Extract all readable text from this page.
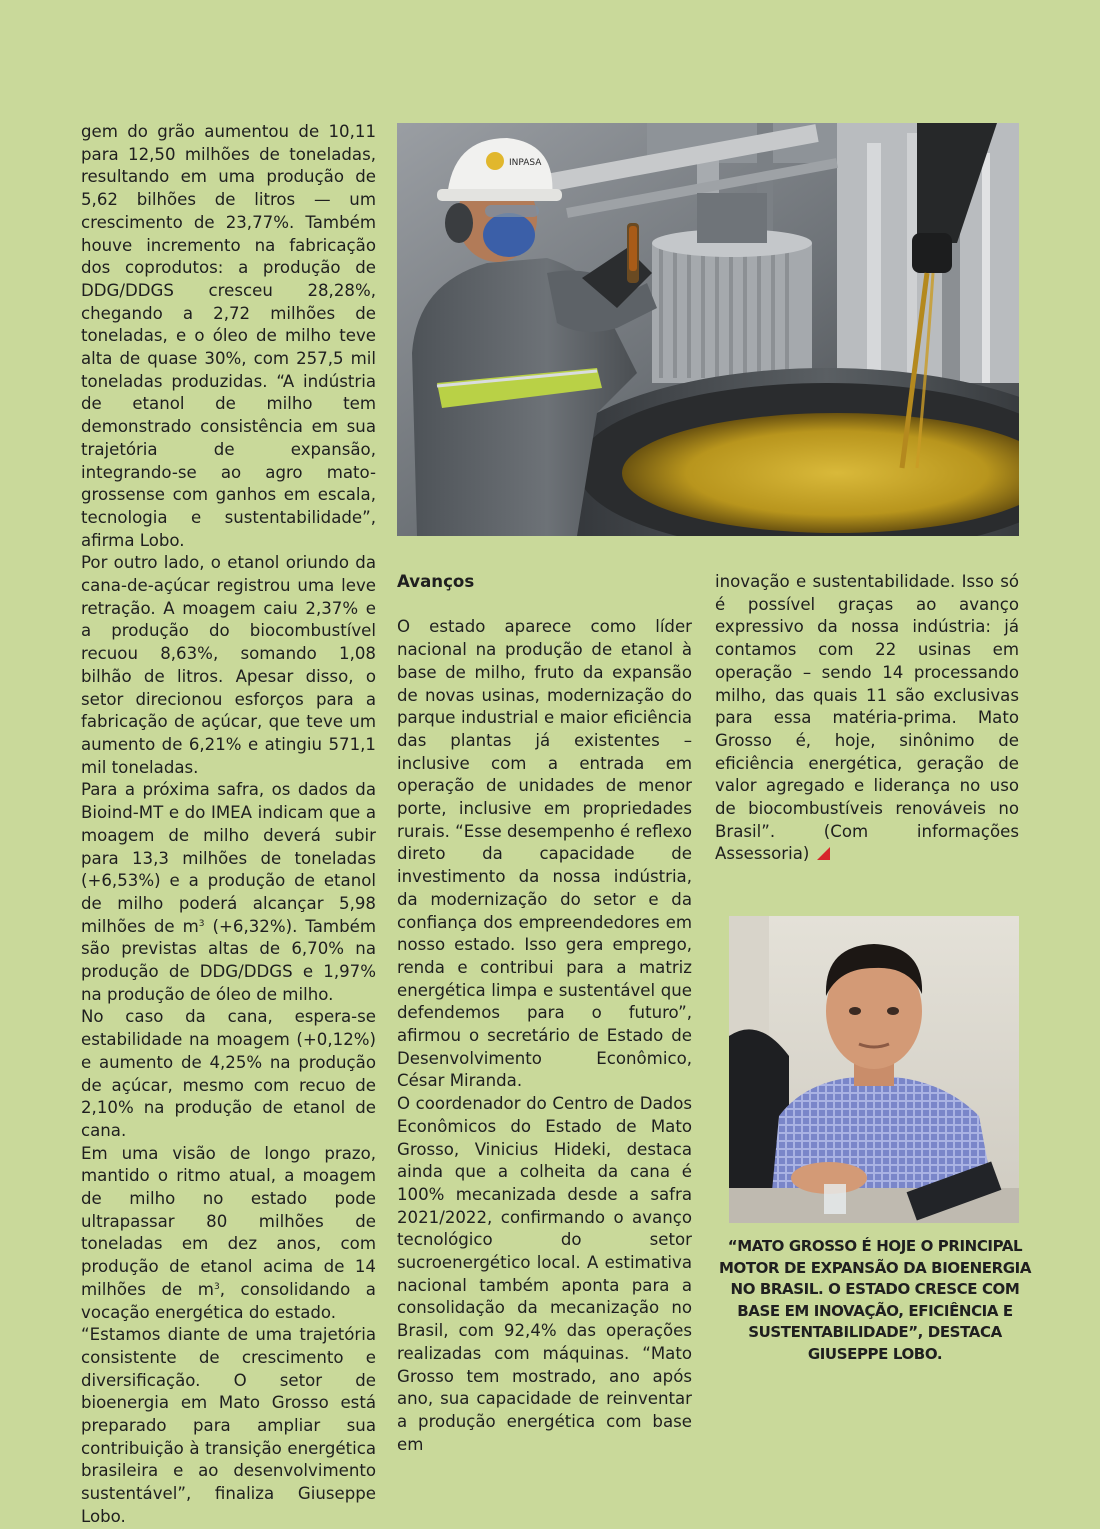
gem do grão aumentou de 10,11 para 12,50 milhões de toneladas, resultando em uma produção de 5,62 bilhões de litros — um crescimento de 23,77%. Também houve incremento na fabricação dos coprodutos: a produção de DDG/DDGS cresceu 28,28%, chegando a 2,72 milhões de toneladas, e o óleo de milho teve alta de quase 30%, com 257,5 mil toneladas produzidas. “A indústria de etanol de milho tem demonstrado consistência em sua trajetória de expansão, integrando-se ao agro mato-grossense com ganhos em escala, tecnologia e sustentabilidade”, afirma Lobo.

Por outro lado, o etanol oriundo da cana-de-açúcar registrou uma leve retração. A moagem caiu 2,37% e a produção do biocombustível recuou 8,63%, somando 1,08 bilhão de litros. Apesar disso, o setor direcionou esforços para a fabricação de açúcar, que teve um aumento de 6,21% e atingiu 571,1 mil toneladas.

Para a próxima safra, os dados da Bioind-MT e do IMEA indicam que a moagem de milho deverá subir para 13,3 milhões de toneladas (+6,53%) e a produção de etanol de milho poderá alcançar 5,98 milhões de $m^3$ (+6,32%). Também são previstas altas de 6,70% na produção de DDG/DDGS e 1,97% na produção de óleo de milho.

No caso da cana, espera-se estabilidade na moagem (+0,12%) e aumento de 4,25% na produção de açúcar, mesmo com recuo de 2,10% na produção de etanol de cana.

Em uma visão de longo prazo, mantido o ritmo atual, a moagem de milho no estado pode ultrapassar 80 milhões de toneladas em dez anos, com produção de etanol acima de 14 milhões de $m^3$, consolidando a vocação energética do estado.

“Estamos diante de uma trajetória consistente de crescimento e diversificação. O setor de bioenergia em Mato Grosso está preparado para ampliar sua contribuição à transição energética brasileira e ao desenvolvimento sustentável”, finaliza Giuseppe Lobo.

INPASA

Avanços

O estado aparece como líder nacional na produção de etanol à base de milho, fruto da expansão de novas usinas, modernização do parque industrial e maior eficiência das plantas já existentes – inclusive com a entrada em operação de unidades de menor porte, inclusive em propriedades rurais. “Esse desempenho é reflexo direto da capacidade de investimento da nossa indústria, da modernização do setor e da confiança dos empreendedores em nosso estado. Isso gera emprego, renda e contribui para a matriz energética limpa e sustentável que defendemos para o futuro”, afirmou o secretário de Estado de Desenvolvimento Econômico, César Miranda.

O coordenador do Centro de Dados Econômicos do Estado de Mato Grosso, Vinicius Hideki, destaca ainda que a colheita da cana é 100% mecanizada desde a safra 2021/2022, confirmando o avanço tecnológico do setor sucroenergético local. A estimativa nacional também aponta para a consolidação da mecanização no Brasil, com 92,4% das operações realizadas com máquinas. “Mato Grosso tem mostrado, ano após ano, sua capacidade de reinventar a produção energética com base em

inovação e sustentabilidade. Isso só é possível graças ao avanço expressivo da nossa indústria: já contamos com 22 usinas em operação – sendo 14 processando milho, das quais 11 são exclusivas para essa matéria-prima. Mato Grosso é, hoje, sinônimo de eficiência energética, geração de valor agregado e liderança no uso de biocombustíveis renováveis no Brasil”. (Com informações Assessoria)

“MATO GROSSO É HOJE O PRINCIPAL MOTOR DE EXPANSÃO DA BIOENERGIA NO BRASIL. O ESTADO CRESCE COM BASE EM INOVAÇÃO, EFICIÊNCIA E SUSTENTABILIDADE”, DESTACA GIUSEPPE LOBO.
